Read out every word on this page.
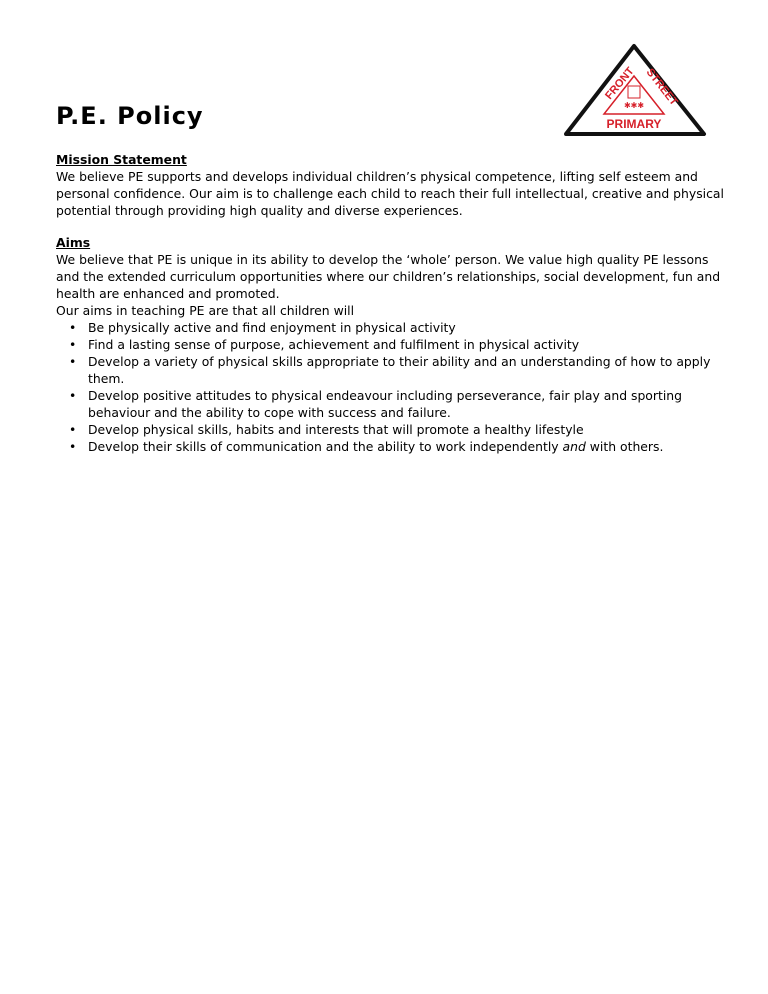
P.E. Policy
FRONT STREET
PRIMARY
✱✱✱

Mission Statement

We believe PE supports and develops individual children’s physical competence, lifting self esteem and personal confidence. Our aim is to challenge each child to reach their full intellectual, creative and physical potential through providing high quality and diverse experiences.

Aims

We believe that PE is unique in its ability to develop the ‘whole’ person. We value high quality PE lessons and the extended curriculum opportunities where our children’s relationships, social development, fun and health are enhanced and promoted.

Our aims in teaching PE are that all children will

• Be physically active and find enjoyment in physical activity
• Find a lasting sense of purpose, achievement and fulfilment in physical activity
• Develop a variety of physical skills appropriate to their ability and an understanding of how to apply them.
• Develop positive attitudes to physical endeavour including perseverance, fair play and sporting behaviour and the ability to cope with success and failure.
• Develop physical skills, habits and interests that will promote a healthy lifestyle
• Develop their skills of communication and the ability to work independently and with others.
